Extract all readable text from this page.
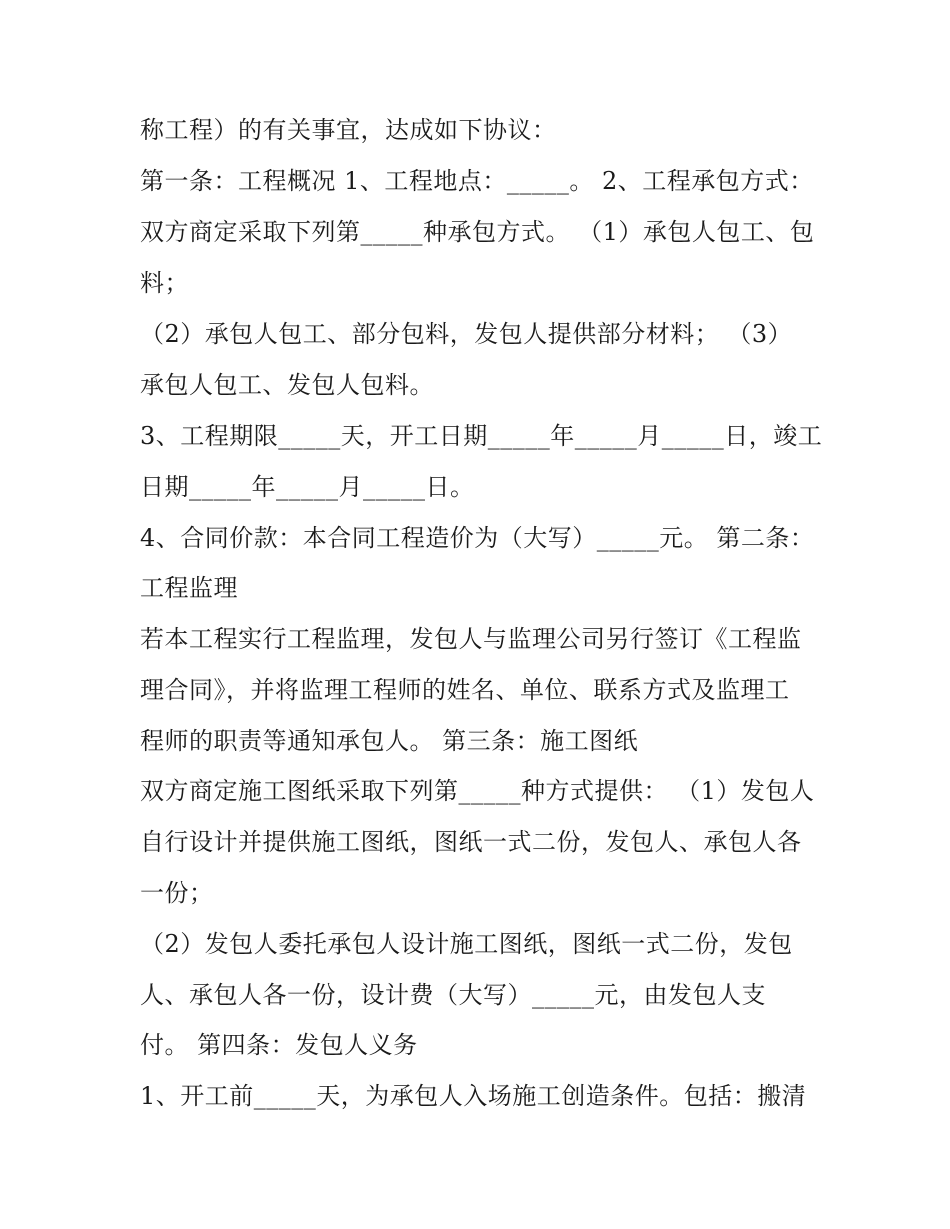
称工程）的有关事宜，达成如下协议：
第一条：工程概况 1、工程地点：_____。 2、工程承包方式：
双方商定采取下列第_____种承包方式。 （1）承包人包工、包
料；
（2）承包人包工、部分包料，发包人提供部分材料； （3）
承包人包工、发包人包料。
3、工程期限_____天，开工日期_____年_____月_____日，竣工
日期_____年_____月_____日。
4、合同价款：本合同工程造价为（大写）_____元。 第二条：
工程监理
若本工程实行工程监理，发包人与监理公司另行签订《工程监
理合同》，并将监理工程师的姓名、单位、联系方式及监理工
程师的职责等通知承包人。 第三条：施工图纸
双方商定施工图纸采取下列第_____种方式提供： （1）发包人
自行设计并提供施工图纸，图纸一式二份，发包人、承包人各
一份；
（2）发包人委托承包人设计施工图纸，图纸一式二份，发包
人、承包人各一份，设计费（大写）_____元，由发包人支
付。 第四条：发包人义务
1、开工前_____天，为承包人入场施工创造条件。包括：搬清
